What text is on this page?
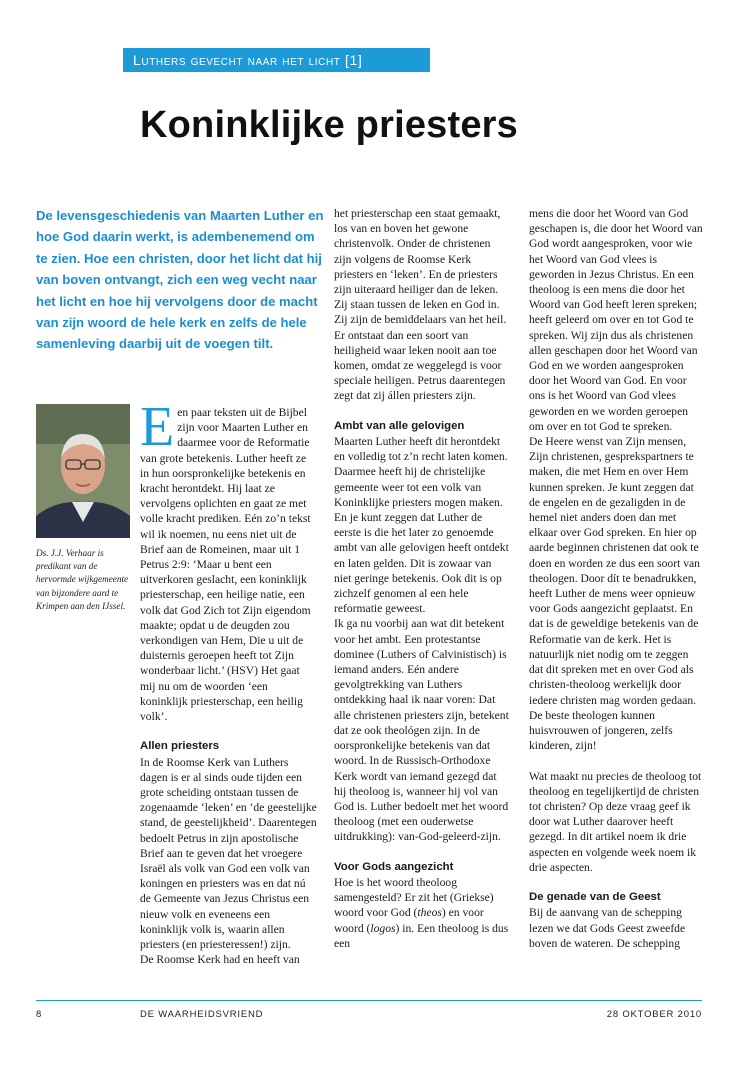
Luthers gevecht naar het licht [1]
Koninklijke priesters

De levensgeschiedenis van Maarten Luther en hoe God daarin werkt, is adembenemend om te zien. Hoe een christen, door het licht dat hij van boven ontvangt, zich een weg vecht naar het licht en hoe hij vervolgens door de macht van zijn woord de hele kerk en zelfs de hele samenleving daarbij uit de voegen tilt.

Ds. J.J. Verhaar is predikant van de hervormde wijkgemeente van bijzondere aard te Krimpen aan den IJssel.

E en paar teksten uit de Bijbel zijn voor Maarten Luther en daarmee voor de Reformatie van grote betekenis. Luther heeft ze in hun oorspronkelijke betekenis en kracht herontdekt. Hij laat ze vervolgens oplichten en gaat ze met volle kracht prediken. Eén zo’n tekst wil ik noemen, nu eens niet uit de Brief aan de Romeinen, maar uit 1 Petrus 2:9: ‘Maar u bent een uitverkoren geslacht, een koninklijk priesterschap, een heilige natie, een volk dat God Zich tot Zijn eigendom maakte; opdat u de deugden zou verkondigen van Hem, Die u uit de duisternis geroepen heeft tot Zijn wonderbaar licht.’ (HSV) Het gaat mij nu om de woorden ‘een koninklijk priesterschap, een heilig volk’.

Allen priesters

In de Roomse Kerk van Luthers dagen is er al sinds oude tijden een grote scheiding ontstaan tussen de zogenaamde ‘leken’ en ‘de geestelijke stand, de geestelijkheid’. Daarentegen bedoelt Petrus in zijn apostolische Brief aan te geven dat het vroegere Israël als volk van God een volk van koningen en priesters was en dat nú de Gemeente van Jezus Christus een nieuw volk en eveneens een koninklijk volk is, waarin allen priesters (en priesteressen!) zijn.

De Roomse Kerk had en heeft van

het priesterschap een staat gemaakt, los van en boven het gewone christenvolk. Onder de christenen zijn volgens de Roomse Kerk priesters en ‘leken’. En de priesters zijn uiteraard heiliger dan de leken. Zij staan tussen de leken en God in. Zij zijn de bemiddelaars van het heil. Er ontstaat dan een soort van heiligheid waar leken nooit aan toe komen, omdat ze weggelegd is voor speciale heiligen. Petrus daarentegen zegt dat zij állen priesters zijn.

Ambt van alle gelovigen

Maarten Luther heeft dit herontdekt en volledig tot z’n recht laten komen. Daarmee heeft hij de christelijke gemeente weer tot een volk van Koninklijke priesters mogen maken. En je kunt zeggen dat Luther de eerste is die het later zo genoemde ambt van alle gelovigen heeft ontdekt en laten gelden. Dit is zowaar van niet geringe betekenis. Ook dit is op zichzelf genomen al een hele reformatie geweest.

Ik ga nu voorbij aan wat dit betekent voor het ambt. Een protestantse dominee (Luthers of Calvinistisch) is iemand anders. Eén andere gevolgtrekking van Luthers ontdekking haal ik naar voren: Dat alle christenen priesters zijn, betekent dat ze ook theológen zijn. In de oorspronkelijke betekenis van dat woord. In de Russisch-Orthodoxe Kerk wordt van iemand gezegd dat hij theoloog is, wanneer hij vol van God is. Luther bedoelt met het woord theoloog (met een ouderwetse uitdrukking): van-God-geleerd-zijn.

Voor Gods aangezicht

Hoe is het woord theoloog samengesteld? Er zit het (Griekse) woord voor God (theos) en voor woord (logos) in. Een theoloog is dus een

mens die door het Woord van God geschapen is, die door het Woord van God wordt aangesproken, voor wie het Woord van God vlees is geworden in Jezus Christus. En een theoloog is een mens die door het Woord van God heeft leren spreken; heeft geleerd om over en tot God te spreken. Wij zijn dus als christenen allen geschapen door het Woord van God en we worden aangesproken door het Woord van God. En voor ons is het Woord van God vlees geworden en we worden geroepen om over en tot God te spreken.

De Heere wenst van Zijn mensen, Zijn christenen, gesprekspartners te maken, die met Hem en over Hem kunnen spreken. Je kunt zeggen dat de engelen en de gezaligden in de hemel niet anders doen dan met elkaar over God spreken. En hier op aarde beginnen christenen dat ook te doen en worden ze dus een soort van theologen. Door dít te benadrukken, heeft Luther de mens weer opnieuw voor Gods aangezicht geplaatst. En dat is de geweldige betekenis van de Reformatie van de kerk. Het is natuurlijk niet nodig om te zeggen dat dit spreken met en over God als christen-theoloog werkelijk door iedere christen mag worden gedaan. De beste theologen kunnen huisvrouwen of jongeren, zelfs kinderen, zijn!

Wat maakt nu precies de theoloog tot theoloog en tegelijkertijd de christen tot christen? Op deze vraag geef ik door wat Luther daarover heeft gezegd. In dit artikel noem ik drie aspecten en volgende week noem ik drie aspecten.

De genade van de Geest

Bij de aanvang van de schepping lezen we dat Gods Geest zweefde boven de wateren. De schepping

8	DE WAARHEIDSVRIEND	28 OKTOBER 2010
